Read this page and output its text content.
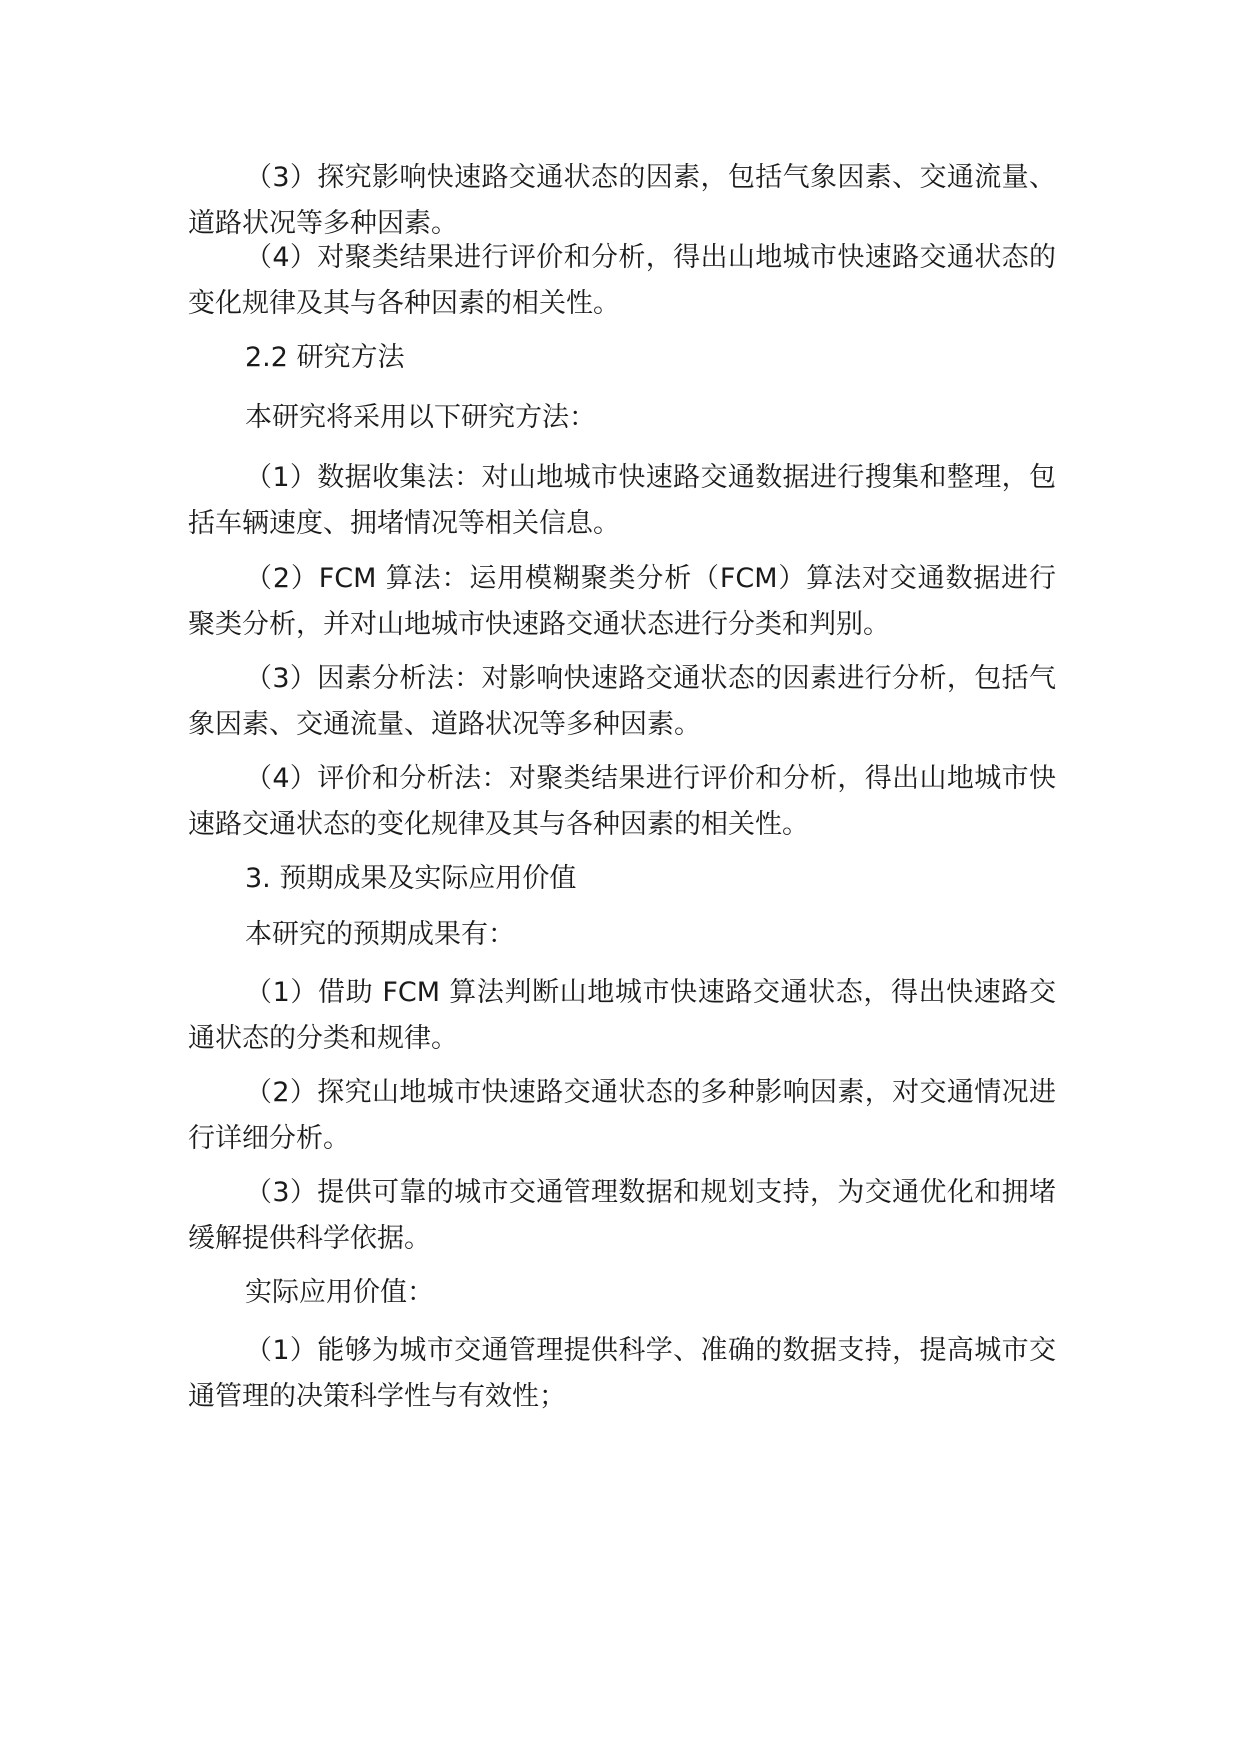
（3）探究影响快速路交通状态的因素，包括气象因素、交通流量、道路状况等多种因素。

（4）对聚类结果进行评价和分析，得出山地城市快速路交通状态的变化规律及其与各种因素的相关性。

2.2 研究方法

本研究将采用以下研究方法：

（1）数据收集法：对山地城市快速路交通数据进行搜集和整理，包括车辆速度、拥堵情况等相关信息。

（2）FCM 算法：运用模糊聚类分析（FCM）算法对交通数据进行聚类分析，并对山地城市快速路交通状态进行分类和判别。

（3）因素分析法：对影响快速路交通状态的因素进行分析，包括气象因素、交通流量、道路状况等多种因素。

（4）评价和分析法：对聚类结果进行评价和分析，得出山地城市快速路交通状态的变化规律及其与各种因素的相关性。

3. 预期成果及实际应用价值

本研究的预期成果有：

（1）借助 FCM 算法判断山地城市快速路交通状态，得出快速路交通状态的分类和规律。

（2）探究山地城市快速路交通状态的多种影响因素，对交通情况进行详细分析。

（3）提供可靠的城市交通管理数据和规划支持，为交通优化和拥堵缓解提供科学依据。

实际应用价值：

（1）能够为城市交通管理提供科学、准确的数据支持，提高城市交通管理的决策科学性与有效性；
